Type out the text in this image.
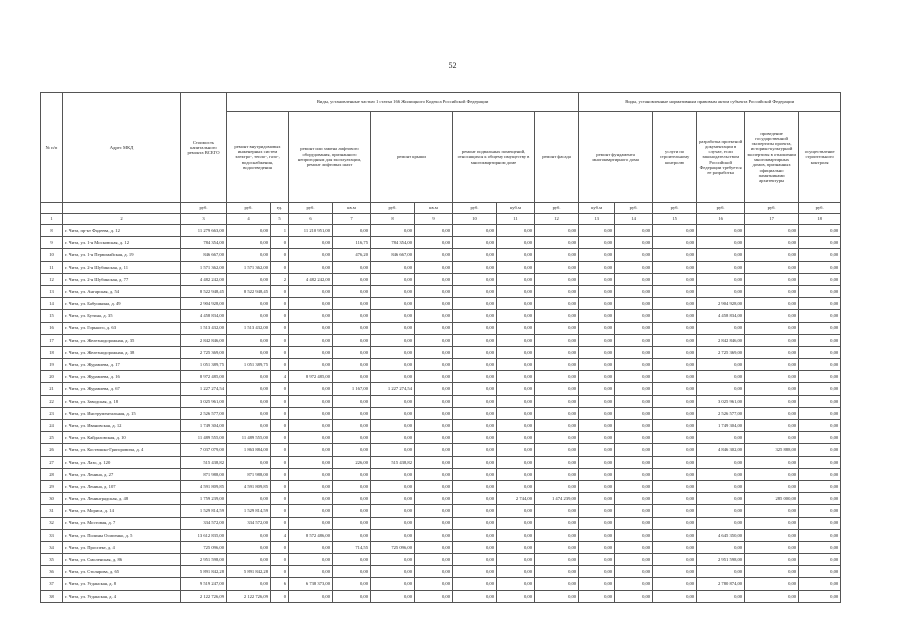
52
№ п/п	Адрес МКД	Стоимость капитального ремонта ВСЕГО	Виды, установленные частью 1 статьи 166 Жилищного Кодекса Российской Федерации									Виды, установленные нормативным правовым актом субъекта Российской Федерации					
			ремонт внутридомовых инженерных систем электро-, тепло-, газо-, водоснабжения, водоотведения		ремонт или замена лифтового оборудования, признанного непригодным для эксплуатации, ремонт лифтовых шахт		ремонт крыши		ремонт подвальных помещений, относящихся к общему имуществу в многоквартирном доме		ремонт фасада	ремонт фундамента многоквартирного дома		услуги по строительному контролю	разработка проектной документации в случае, если законодательством Российской Федерации требуется ее разработка	проведение государственной экспертизы проекта, историко-культурной экспертизы в отношении многоквартирных домов, признанных официально памятниками архитектуры	осуществление строительного контроля
		руб.	руб.	ед.	руб.	кв.м	руб.	кв.м	руб.	куб.м	руб.	куб.м	руб.	руб.	руб.	руб.	руб.
1	2	3	4	5	6	7	8	9	10	11	12	13	14	15	16	17	18
8	г. Чита, пр-кт Фадеева, д. 12	11 279 663,00	0,00	1	11 210 951,00	0,00	0,00	0,00	0,00	0,00	0,00	0,00	0,00	0,00	0,00	0,00	0,00
9	г. Чита, ул. 1-я Московская, д. 12	784 354,00	0,00	0	0,00	116,75	784 354,00	0,00	0,00	0,00	0,00	0,00	0,00	0,00	0,00	0,00	0,00
10	г. Чита, ул. 1-я Первомайская, д. 19	846 667,00	0,00	0	0,00	476,20	846 667,00	0,00	0,00	0,00	0,00	0,00	0,00	0,00	0,00	0,00	0,00
11	г. Чита, ул. 2-я Шубинская, д. 11	1 571 362,00	1 571 362,00	0	0,00	0,00	0,00	0,00	0,00	0,00	0,00	0,00	0,00	0,00	0,00	0,00	0,00
12	г. Чита, ул. 2-я Шубинская, д. 77	4 482 242,00	0,00	2	4 482 242,00	0,00	0,00	0,00	0,00	0,00	0,00	0,00	0,00	0,00	0,00	0,00	0,00
13	г. Чита, ул. Ангарская, д. 54	8 522 948,45	8 522 948,45	0	0,00	0,00	0,00	0,00	0,00	0,00	0,00	0,00	0,00	0,00	0,00	0,00	0,00
14	г. Чита, ул. Бабушкина, д. 49	2 904 928,00	0,00	0	0,00	0,00	0,00	0,00	0,00	0,00	0,00	0,00	0,00	0,00	2 904 928,00	0,00	0,00
15	г. Чита, ул. Бутина, д. 35	4 458 834,00	0,00	0	0,00	0,00	0,00	0,00	0,00	0,00	0,00	0,00	0,00	0,00	4 458 834,00	0,00	0,00
16	г. Чита, ул. Горького, д. 63	1 513 432,00	1 513 432,00	0	0,00	0,00	0,00	0,00	0,00	0,00	0,00	0,00	0,00	0,00	0,00	0,00	0,00
17	г. Чита, ул. Железнодорожная, д. 35	2 842 846,00	0,00	0	0,00	0,00	0,00	0,00	0,00	0,00	0,00	0,00	0,00	0,00	2 842 846,00	0,00	0,00
18	г. Чита, ул. Железнодорожная, д. 38	2 725 369,00	0,00	0	0,00	0,00	0,00	0,00	0,00	0,00	0,00	0,00	0,00	0,00	2 725 369,00	0,00	0,00
19	г. Чита, ул. Журавлева, д. 17	1 051 389,75	1 051 389,75	0	0,00	0,00	0,00	0,00	0,00	0,00	0,00	0,00	0,00	0,00	0,00	0,00	0,00
20	г. Чита, ул. Журавлева, д. 16	8 972 485,00	0,00	4	8 972 485,00	0,00	0,00	0,00	0,00	0,00	0,00	0,00	0,00	0,00	0,00	0,00	0,00
21	г. Чита, ул. Журавлева, д. 67	1 227 274,54	0,00	0	0,00	1 167,00	1 227 274,54	0,00	0,00	0,00	0,00	0,00	0,00	0,00	0,00	0,00	0,00
22	г. Чита, ул. Заводская, д. 18	3 025 961,00	0,00	0	0,00	0,00	0,00	0,00	0,00	0,00	0,00	0,00	0,00	0,00	3 025 961,00	0,00	0,00
23	г. Чита, ул. Инструментальная, д. 15	2 526 577,00	0,00	0	0,00	0,00	0,00	0,00	0,00	0,00	0,00	0,00	0,00	0,00	2 526 577,00	0,00	0,00
24	г. Чита, ул. Ивановская, д. 12	1 749 304,00	0,00	0	0,00	0,00	0,00	0,00	0,00	0,00	0,00	0,00	0,00	0,00	1 749 304,00	0,00	0,00
25	г. Чита, ул. Кайдаловская, д. 10	11 489 555,00	11 489 555,00	0	0,00	0,00	0,00	0,00	0,00	0,00	0,00	0,00	0,00	0,00	0,00	0,00	0,00
26	г. Чита, ул. Костюшко-Григоровича, д. 4	7 037 079,00	1 863 884,00	0	0,00	0,00	0,00	0,00	0,00	0,00	0,00	0,00	0,00	0,00	4 846 302,00	325 888,00	0,00
27	г. Чита, ул. Лазо, д. 120	515 438,82	0,00	0	0,00	226,00	515 438,82	0,00	0,00	0,00	0,00	0,00	0,00	0,00	0,00	0,00	0,00
28	г. Чита, ул. Ленина, д. 27	871 988,00	871 988,00	0	0,00	0,00	0,00	0,00	0,00	0,00	0,00	0,00	0,00	0,00	0,00	0,00	0,00
29	г. Чита, ул. Ленина, д. 107	4 591 809,85	4 591 809,85	0	0,00	0,00	0,00	0,00	0,00	0,00	0,00	0,00	0,00	0,00	0,00	0,00	0,00
30	г. Чита, ул. Ленинградская, д. 48	1 759 239,00	0,00	0	0,00	0,00	0,00	0,00	0,00	2 744,00	1 474 239,00	0,00	0,00	0,00	0,00	285 000,00	0,00
31	г. Чита, ул. Мориса, д. 14	1 529 814,59	1 529 814,59	0	0,00	0,00	0,00	0,00	0,00	0,00	0,00	0,00	0,00	0,00	0,00	0,00	0,00
32	г. Чита, ул. Мостовая, д. 7	334 572,00	334 572,00	0	0,00	0,00	0,00	0,00	0,00	0,00	0,00	0,00	0,00	0,00	0,00	0,00	0,00
33	г. Чита, ул. Полины Осипенко, д. 5	13 612 835,00	0,00	4	8 572 486,00	0,00	0,00	0,00	0,00	0,00	0,00	0,00	0,00	0,00	4 645 350,00	0,00	0,00
34	г. Чита, ул. Проспект, д. 4	725 096,00	0,00	0	0,00	714,55	725 096,00	0,00	0,00	0,00	0,00	0,00	0,00	0,00	0,00	0,00	0,00
35	г. Чита, ул. Смоленская, д. 86	2 951 598,00	0,00	0	0,00	0,00	0,00	0,00	0,00	0,00	0,00	0,00	0,00	0,00	2 951 598,00	0,00	0,00
36	г. Чита, ул. Столярова, д. 65	5 891 842,28	5 891 842,28	0	0,00	0,00	0,00	0,00	0,00	0,00	0,00	0,00	0,00	0,00	0,00	0,00	0,00
37	г. Чита, ул. Угданская, д. 8	9 519 247,00	0,00	6	6 738 373,00	0,00	0,00	0,00	0,00	0,00	0,00	0,00	0,00	0,00	2 780 874,00	0,00	0,00
38	г. Чита, ул. Угданская, д. 4	2 122 726,09	2 122 726,09	0	0,00	0,00	0,00	0,00	0,00	0,00	0,00	0,00	0,00	0,00	0,00	0,00	0,00
